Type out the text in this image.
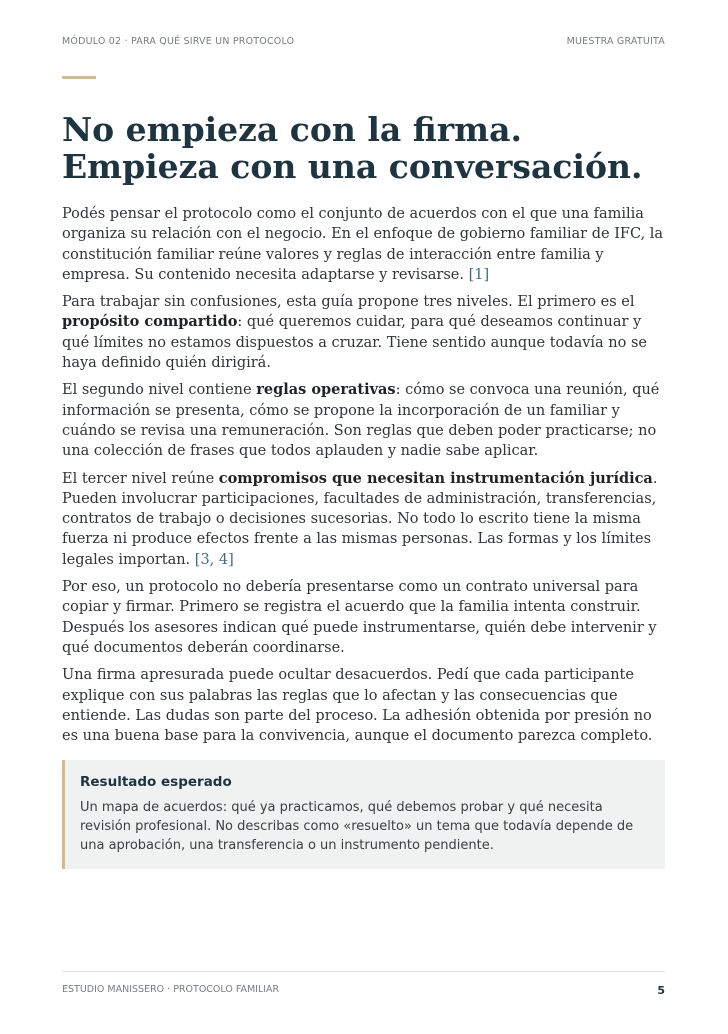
MÓDULO 02 · PARA QUÉ SIRVE UN PROTOCOLO	MUESTRA GRATUITA
No empieza con la firma.
Empieza con una conversación.

Podés pensar el protocolo como el conjunto de acuerdos con el que una familia organiza su relación con el negocio. En el enfoque de gobierno familiar de IFC, la constitución familiar reúne valores y reglas de interacción entre familia y empresa. Su contenido necesita adaptarse y revisarse. [1]

Para trabajar sin confusiones, esta guía propone tres niveles. El primero es el propósito compartido: qué queremos cuidar, para qué deseamos continuar y qué límites no estamos dispuestos a cruzar. Tiene sentido aunque todavía no se haya definido quién dirigirá.

El segundo nivel contiene reglas operativas: cómo se convoca una reunión, qué información se presenta, cómo se propone la incorporación de un familiar y cuándo se revisa una remuneración. Son reglas que deben poder practicarse; no una colección de frases que todos aplauden y nadie sabe aplicar.

El tercer nivel reúne compromisos que necesitan instrumentación jurídica. Pueden involucrar participaciones, facultades de administración, transferencias, contratos de trabajo o decisiones sucesorias. No todo lo escrito tiene la misma fuerza ni produce efectos frente a las mismas personas. Las formas y los límites legales importan. [3, 4]

Por eso, un protocolo no debería presentarse como un contrato universal para copiar y firmar. Primero se registra el acuerdo que la familia intenta construir. Después los asesores indican qué puede instrumentarse, quién debe intervenir y qué documentos deberán coordinarse.

Una firma apresurada puede ocultar desacuerdos. Pedí que cada participante explique con sus palabras las reglas que lo afectan y las consecuencias que entiende. Las dudas son parte del proceso. La adhesión obtenida por presión no es una buena base para la convivencia, aunque el documento parezca completo.

Resultado esperado

Un mapa de acuerdos: qué ya practicamos, qué debemos probar y qué necesita revisión profesional. No describas como «resuelto» un tema que todavía depende de una aprobación, una transferencia o un instrumento pendiente.

ESTUDIO MANISSERO · PROTOCOLO FAMILIAR	5
